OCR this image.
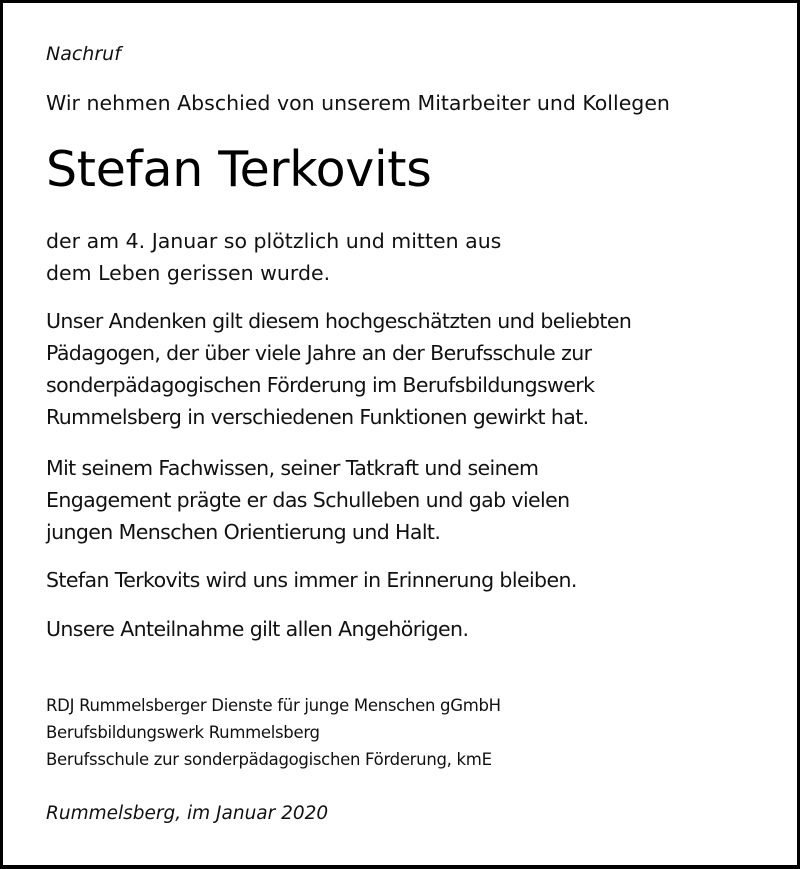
Nachruf
Wir nehmen Abschied von unserem Mitarbeiter und Kollegen
Stefan Terkovits
der am 4. Januar so plötzlich und mitten aus
dem Leben gerissen wurde.
Unser Andenken gilt diesem hochgeschätzten und beliebten
Pädagogen, der über viele Jahre an der Berufsschule zur
sonderpädagogischen Förderung im Berufsbildungswerk
Rummelsberg in verschiedenen Funktionen gewirkt hat.
Mit seinem Fachwissen, seiner Tatkraft und seinem
Engagement prägte er das Schulleben und gab vielen
jungen Menschen Orientierung und Halt.
Stefan Terkovits wird uns immer in Erinnerung bleiben.
Unsere Anteilnahme gilt allen Angehörigen.
RDJ Rummelsberger Dienste für junge Menschen gGmbH
Berufsbildungswerk Rummelsberg
Berufsschule zur sonderpädagogischen Förderung, kmE
Rummelsberg, im Januar 2020
